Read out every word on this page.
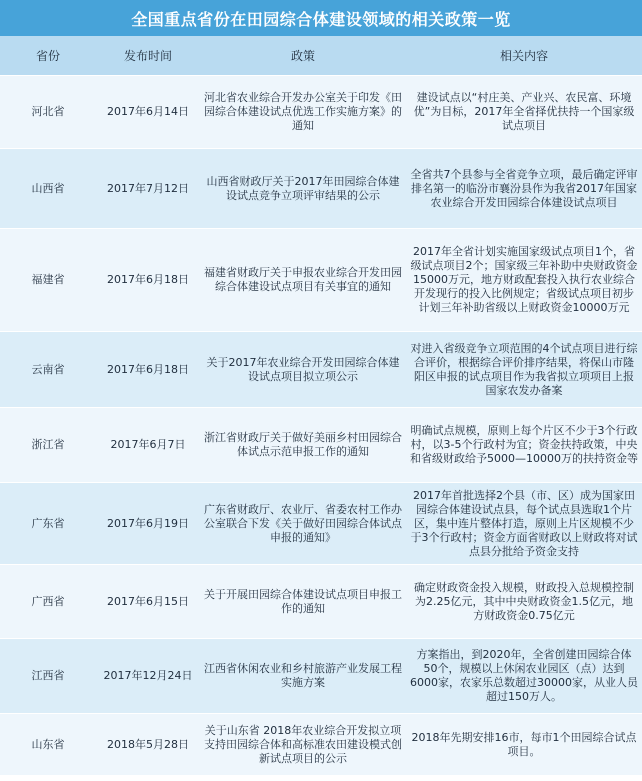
全国重点省份在田园综合体建设领域的相关政策一览
省份	发布时间	政策	相关内容
河北省	2017年6月14日	河北省农业综合开发办公室关于印发《田园综合体建设试点优选工作实施方案》的通知	建设试点以“村庄美、产业兴、农民富、环境优”为目标，2017年全省择优扶持一个国家级试点项目
山西省	2017年7月12日	山西省财政厅关于2017年田园综合体建设试点竞争立项评审结果的公示	全省共7个县参与全省竞争立项，最后确定评审排名第一的临汾市襄汾县作为我省2017年国家农业综合开发田园综合体建设试点项目
福建省	2017年6月18日	福建省财政厅关于申报农业综合开发田园综合体建设试点项目有关事宜的通知	2017年全省计划实施国家级试点项目1个，省级试点项目2个；国家级三年补助中央财政资金15000万元，地方财政配套投入执行农业综合开发现行的投入比例规定；省级试点项目初步计划三年补助省级以上财政资金10000万元
云南省	2017年6月18日	关于2017年农业综合开发田园综合体建设试点项目拟立项公示	对进入省级竞争立项范围的4个试点项目进行综合评价，根据综合评价排序结果，将保山市隆阳区申报的试点项目作为我省拟立项项目上报国家农发办备案
浙江省	2017年6月7日	浙江省财政厅关于做好美丽乡村田园综合体试点示范申报工作的通知	明确试点规模，原则上每个片区不少于3个行政村，以3-5个行政村为宜；资金扶持政策，中央和省级财政给予5000—10000万的扶持资金等
广东省	2017年6月19日	广东省财政厅、农业厅、省委农村工作办公室联合下发《关于做好田园综合体试点申报的通知》	2017年首批选择2个县（市、区）成为国家田园综合体建设试点县，每个试点县选取1个片区，集中连片整体打造，原则上片区规模不少于3个行政村；资金方面省财政以上财政将对试点县分批给予资金支持
广西省	2017年6月15日	关于开展田园综合体建设试点项目申报工作的通知	确定财政资金投入规模，财政投入总规模控制为2.25亿元，其中中央财政资金1.5亿元，地方财政资金0.75亿元
江西省	2017年12月24日	江西省休闲农业和乡村旅游产业发展工程实施方案	方案指出，到2020年，全省创建田园综合体50个，规模以上休闲农业园区（点）达到6000家，农家乐总数超过30000家，从业人员超过150万人。
山东省	2018年5月28日	关于山东省 2018年农业综合开发拟立项支持田园综合体和高标准农田建设模式创新试点项目的公示	2018年先期安排16市，每市1个田园综合试点项目。
